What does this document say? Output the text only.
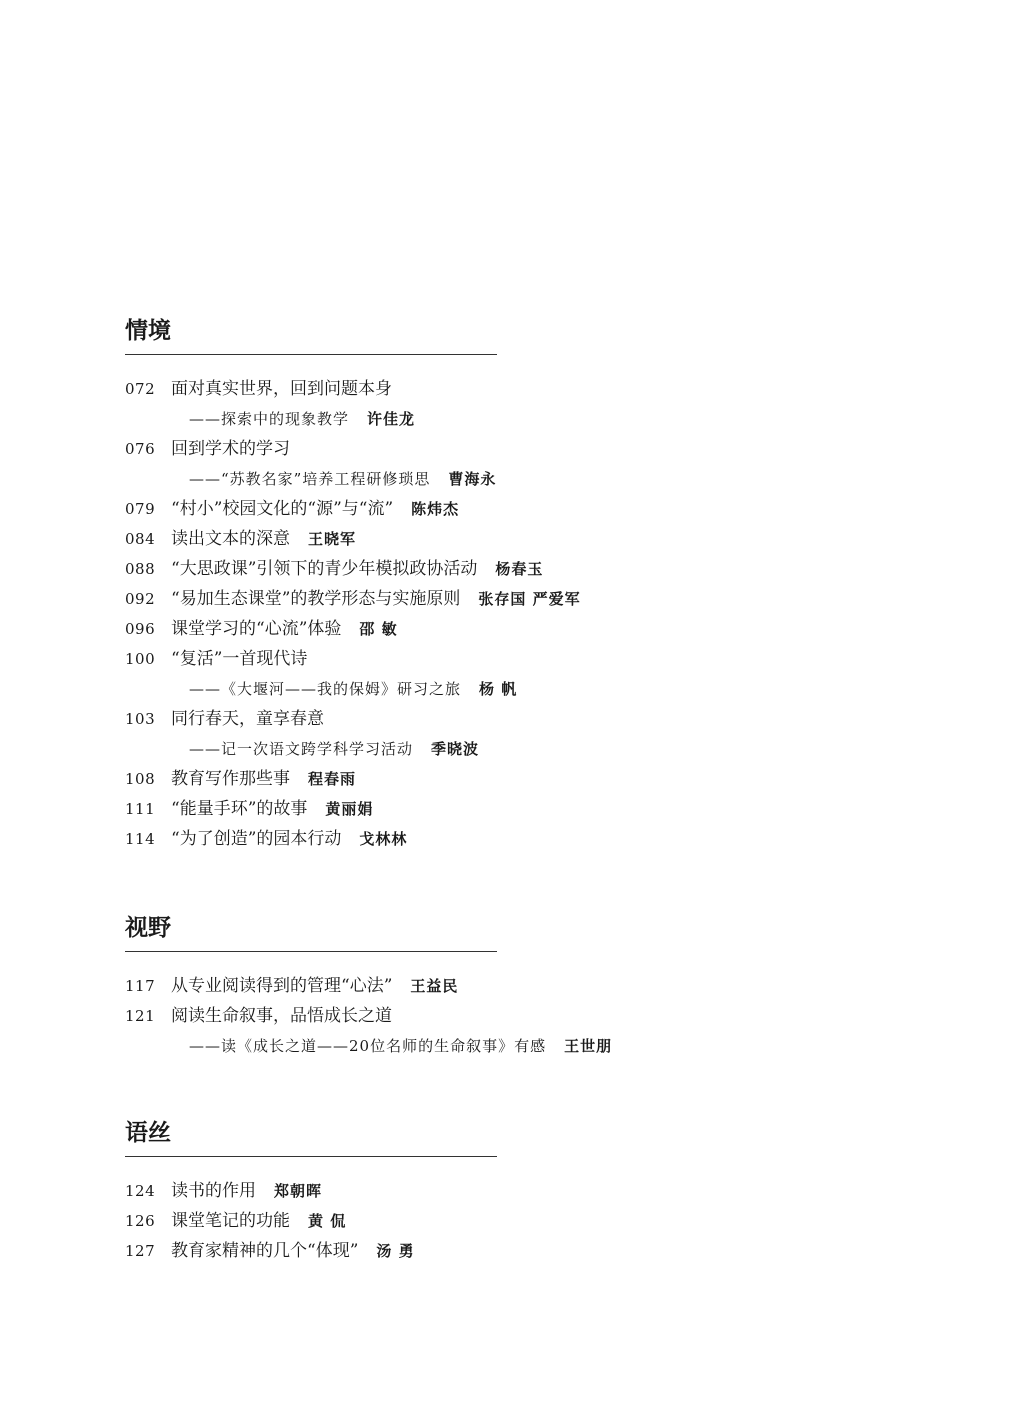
情境
072 面对真实世界，回到问题本身
——探索中的现象教学 许佳龙
076 回到学术的学习
——“苏教名家”培养工程研修琐思 曹海永
079 “村小”校园文化的“源”与“流” 陈炜杰
084 读出文本的深意 王晓军
088 “大思政课”引领下的青少年模拟政协活动 杨春玉
092 “易加生态课堂”的教学形态与实施原则 张存国 严爱军
096 课堂学习的“心流”体验 邵 敏
100 “复活”一首现代诗
——《大堰河——我的保姆》研习之旅 杨 帆
103 同行春天，童享春意
——记一次语文跨学科学习活动 季晓波
108 教育写作那些事 程春雨
111 “能量手环”的故事 黄丽娟
114 “为了创造”的园本行动 戈林林
视野
117 从专业阅读得到的管理“心法” 王益民
121 阅读生命叙事，品悟成长之道
——读《成长之道——20位名师的生命叙事》有感 王世朋
语丝
124 读书的作用 郑朝晖
126 课堂笔记的功能 黄 侃
127 教育家精神的几个“体现” 汤 勇
